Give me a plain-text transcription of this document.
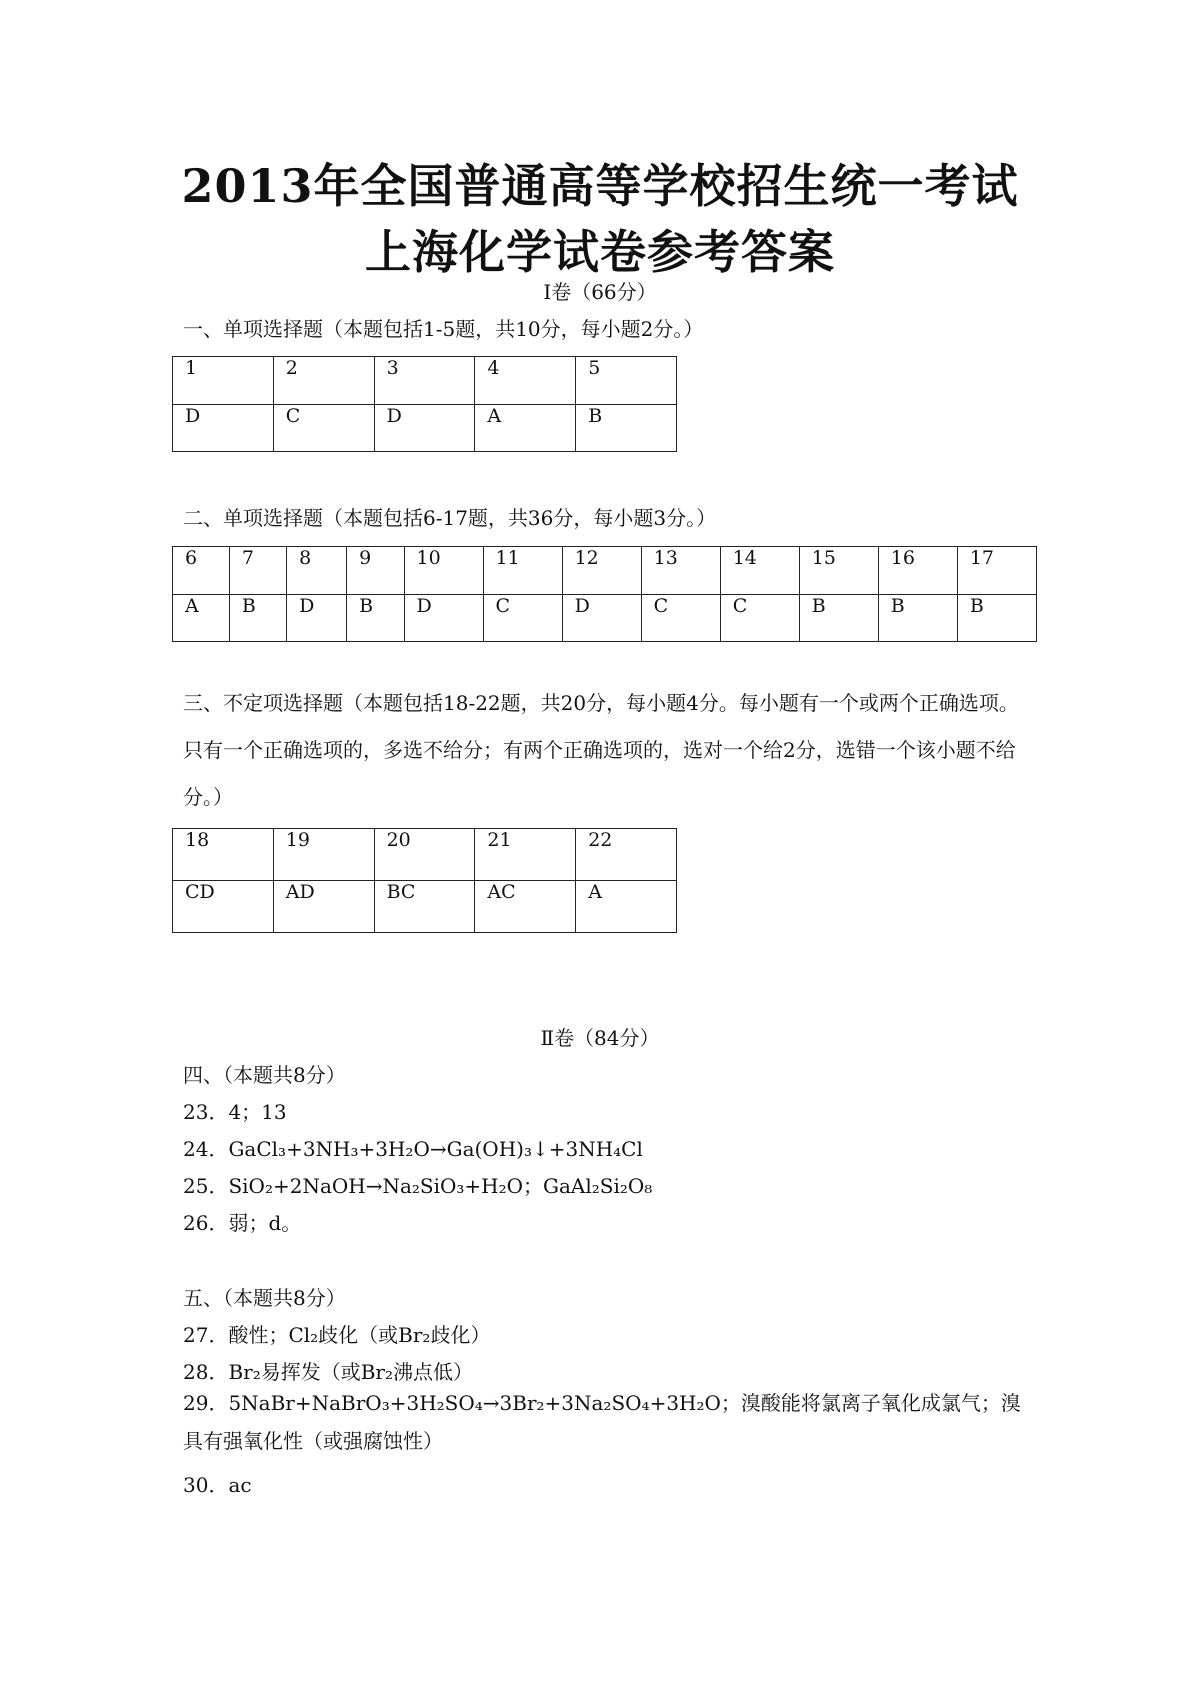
2013年全国普通高等学校招生统一考试
上海化学试卷参考答案
I卷（66分）
一、单项选择题（本题包括1-5题，共10分，每小题2分。）
1	2	3	4	5
D	C	D	A	B
二、单项选择题（本题包括6-17题，共36分，每小题3分。）
6	7	8	9	10	11	12	13	14	15	16	17
A	B	D	B	D	C	D	C	C	B	B	B
三、不定项选择题（本题包括18-22题，共20分，每小题4分。每小题有一个或两个正确选项。只有一个正确选项的，多选不给分；有两个正确选项的，选对一个给2分，选错一个该小题不给分。）
18	19	20	21	22
CD	AD	BC	AC	A
Ⅱ卷（84分）
四、（本题共8分）
23．4；13
24．GaCl₃+3NH₃+3H₂O→Ga(OH)₃↓+3NH₄Cl
25．SiO₂+2NaOH→Na₂SiO₃+H₂O；GaAl₂Si₂O₈
26．弱；d。
五、（本题共8分）
27．酸性；Cl₂歧化（或Br₂歧化）
28．Br₂易挥发（或Br₂沸点低）
29．5NaBr+NaBrO₃+3H₂SO₄→3Br₂+3Na₂SO₄+3H₂O；溴酸能将氯离子氧化成氯气；溴具有强氧化性（或强腐蚀性）
30．ac
